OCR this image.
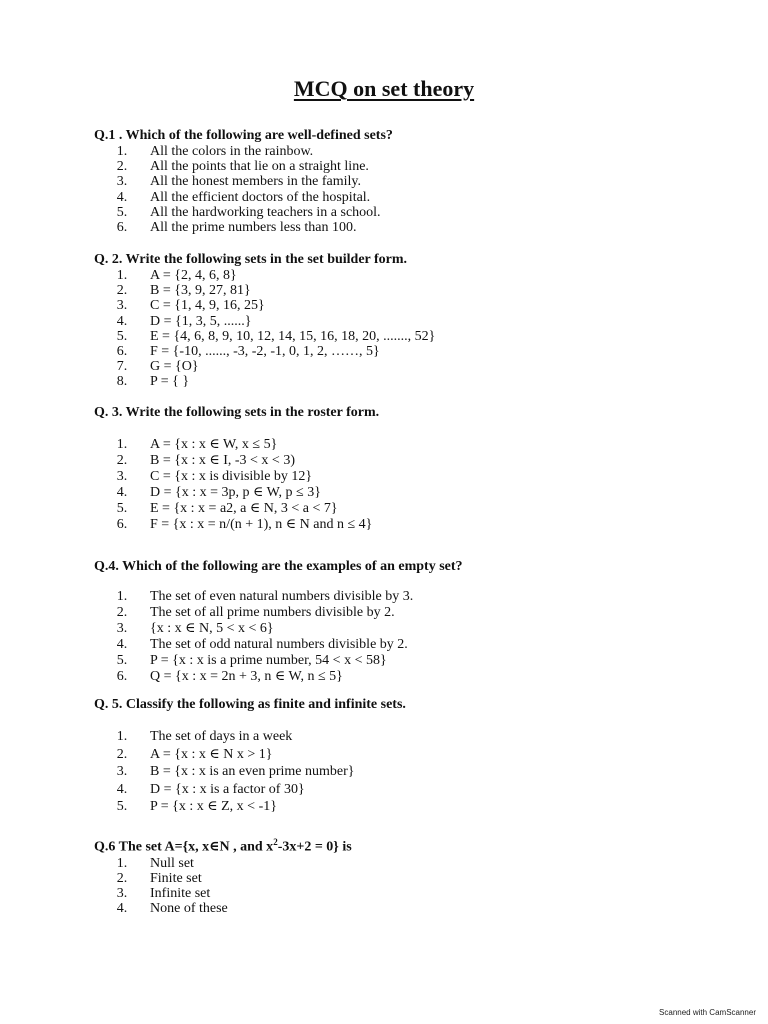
MCQ on set theory
Q.1 . Which of the following are well-defined sets?
1.	All the colors in the rainbow.
2.	All the points that lie on a straight line.
3.	All the honest members in the family.
4.	All the efficient doctors of the hospital.
5.	All the hardworking teachers in a school.
6.	All the prime numbers less than 100.
Q. 2. Write the following sets in the set builder form.
1.	A = {2, 4, 6, 8}
2.	B = {3, 9, 27, 81}
3.	C = {1, 4, 9, 16, 25}
4.	D = {1, 3, 5, ......}
5.	E = {4, 6, 8, 9, 10, 12, 14, 15, 16, 18, 20, ......., 52}
6.	F = {-10, ......, -3, -2, -1, 0, 1, 2, ……, 5}
7.	G = {O}
8.	P = { }
Q. 3. Write the following sets in the roster form.
1.	A = {x : x ∈ W, x ≤ 5}
2.	B = {x : x ∈ I, -3 < x < 3)
3.	C = {x : x is divisible by 12}
4.	D = {x : x = 3p, p ∈ W, p ≤ 3}
5.	E = {x : x = a2, a ∈ N, 3 < a < 7}
6.	F = {x : x = n/(n + 1), n ∈ N and n ≤ 4}
Q.4. Which of the following are the examples of an empty set?
1.	The set of even natural numbers divisible by 3.
2.	The set of all prime numbers divisible by 2.
3.	{x : x ∈ N, 5 < x < 6}
4.	The set of odd natural numbers divisible by 2.
5.	P = {x : x is a prime number, 54 < x < 58}
6.	Q = {x : x = 2n + 3, n ∈ W, n ≤ 5}
Q. 5. Classify the following as finite and infinite sets.
1.	The set of days in a week
2.	A = {x : x ∈ N x > 1}
3.	B = {x : x is an even prime number}
4.	D = {x : x is a factor of 30}
5.	P = {x : x ∈ Z, x < -1}
Q.6 The set A={x, x∈N , and $x^2-3x+2 = 0$} is
1.	Null set
2.	Finite set
3.	Infinite set
4.	None of these
Scanned with CamScanner
